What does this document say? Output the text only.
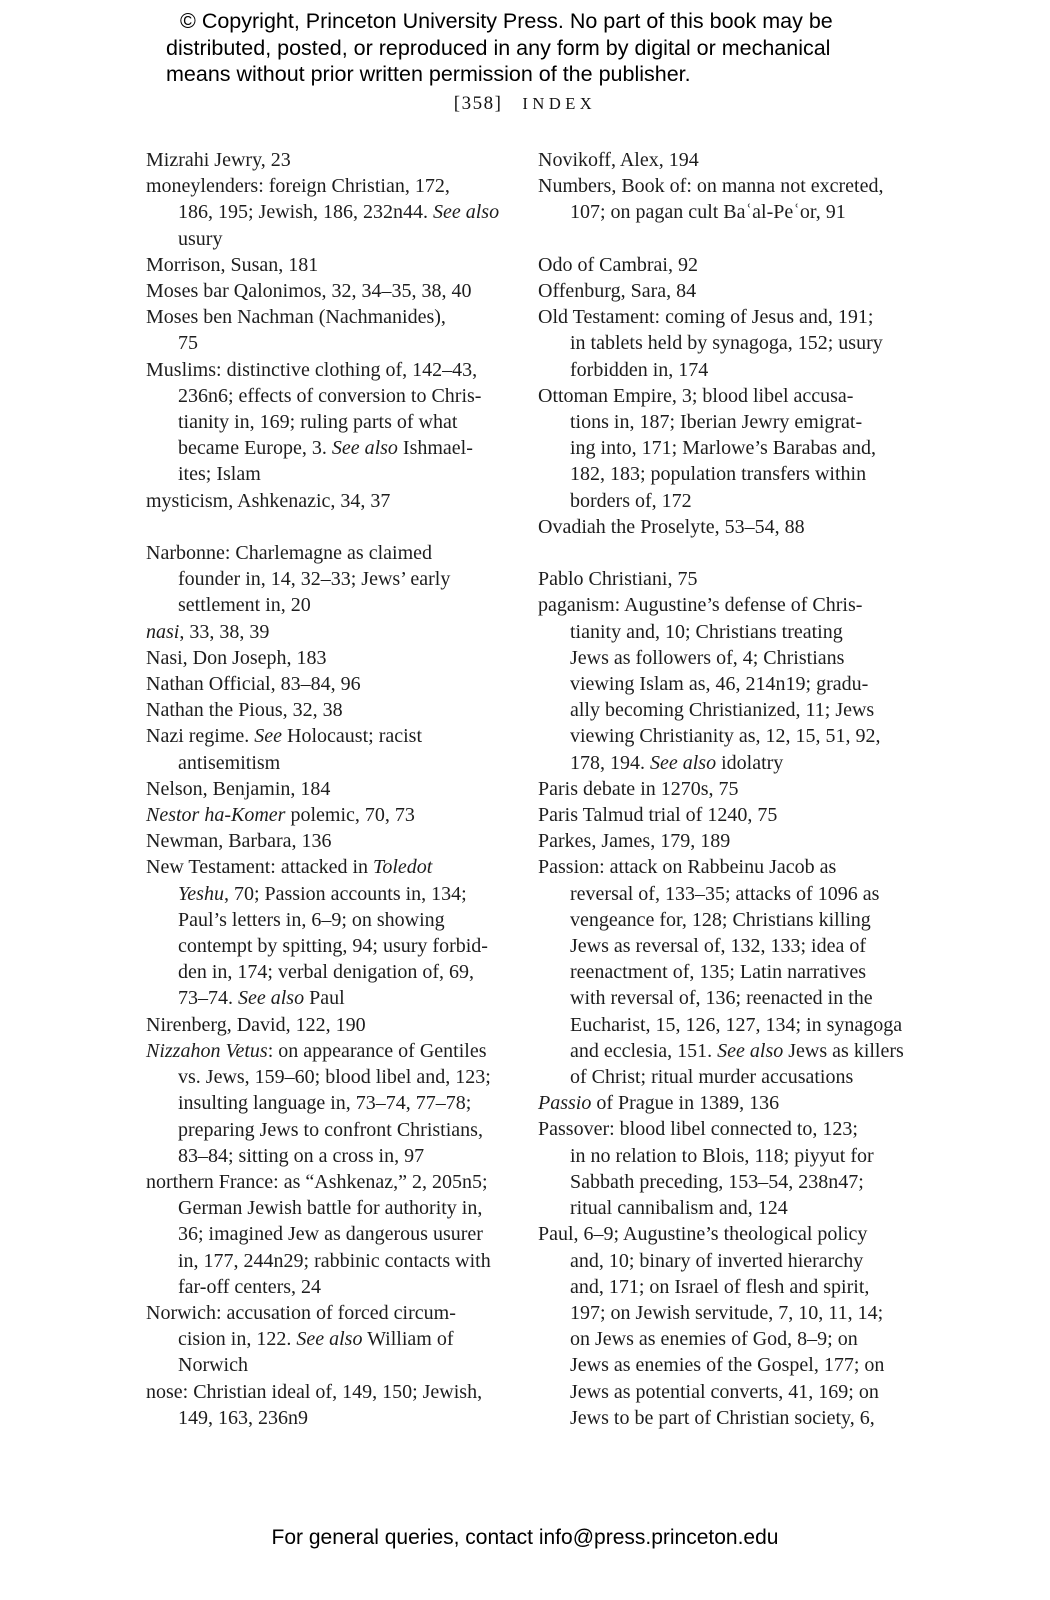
© Copyright, Princeton University Press. No part of this book may be
distributed, posted, or reproduced in any form by digital or mechanical
means without prior written permission of the publisher.
[358] INDEX
Mizrahi Jewry, 23
moneylenders: foreign Christian, 172,
186, 195; Jewish, 186, 232n44. See also
usury
Morrison, Susan, 181
Moses bar Qalonimos, 32, 34–35, 38, 40
Moses ben Nachman (Nachmanides),
75
Muslims: distinctive clothing of, 142–43,
236n6; effects of conversion to Chris-
tianity in, 169; ruling parts of what
became Europe, 3. See also Ishmael-
ites; Islam
mysticism, Ashkenazic, 34, 37
Narbonne: Charlemagne as claimed
founder in, 14, 32–33; Jews’ early
settlement in, 20
nasi, 33, 38, 39
Nasi, Don Joseph, 183
Nathan Official, 83–84, 96
Nathan the Pious, 32, 38
Nazi regime. See Holocaust; racist
antisemitism
Nelson, Benjamin, 184
Nestor ha-Komer polemic, 70, 73
Newman, Barbara, 136
New Testament: attacked in Toledot
Yeshu, 70; Passion accounts in, 134;
Paul’s letters in, 6–9; on showing
contempt by spitting, 94; usury forbid-
den in, 174; verbal denigation of, 69,
73–74. See also Paul
Nirenberg, David, 122, 190
Nizzahon Vetus: on appearance of Gentiles
vs. Jews, 159–60; blood libel and, 123;
insulting language in, 73–74, 77–78;
preparing Jews to confront Christians,
83–84; sitting on a cross in, 97
northern France: as “Ashkenaz,” 2, 205n5;
German Jewish battle for authority in,
36; imagined Jew as dangerous usurer
in, 177, 244n29; rabbinic contacts with
far-off centers, 24
Norwich: accusation of forced circum-
cision in, 122. See also William of
Norwich
nose: Christian ideal of, 149, 150; Jewish,
149, 163, 236n9
Novikoff, Alex, 194
Numbers, Book of: on manna not excreted,
107; on pagan cult Baʿal-Peʿor, 91
Odo of Cambrai, 92
Offenburg, Sara, 84
Old Testament: coming of Jesus and, 191;
in tablets held by synagoga, 152; usury
forbidden in, 174
Ottoman Empire, 3; blood libel accusa-
tions in, 187; Iberian Jewry emigrat-
ing into, 171; Marlowe’s Barabas and,
182, 183; population transfers within
borders of, 172
Ovadiah the Proselyte, 53–54, 88
Pablo Christiani, 75
paganism: Augustine’s defense of Chris-
tianity and, 10; Christians treating
Jews as followers of, 4; Christians
viewing Islam as, 46, 214n19; gradu-
ally becoming Christianized, 11; Jews
viewing Christianity as, 12, 15, 51, 92,
178, 194. See also idolatry
Paris debate in 1270s, 75
Paris Talmud trial of 1240, 75
Parkes, James, 179, 189
Passion: attack on Rabbeinu Jacob as
reversal of, 133–35; attacks of 1096 as
vengeance for, 128; Christians killing
Jews as reversal of, 132, 133; idea of
reenactment of, 135; Latin narratives
with reversal of, 136; reenacted in the
Eucharist, 15, 126, 127, 134; in synagoga
and ecclesia, 151. See also Jews as killers
of Christ; ritual murder accusations
Passio of Prague in 1389, 136
Passover: blood libel connected to, 123;
in no relation to Blois, 118; piyyut for
Sabbath preceding, 153–54, 238n47;
ritual cannibalism and, 124
Paul, 6–9; Augustine’s theological policy
and, 10; binary of inverted hierarchy
and, 171; on Israel of flesh and spirit,
197; on Jewish servitude, 7, 10, 11, 14;
on Jews as enemies of God, 8–9; on
Jews as enemies of the Gospel, 177; on
Jews as potential converts, 41, 169; on
Jews to be part of Christian society, 6,
For general queries, contact info@press.princeton.edu
